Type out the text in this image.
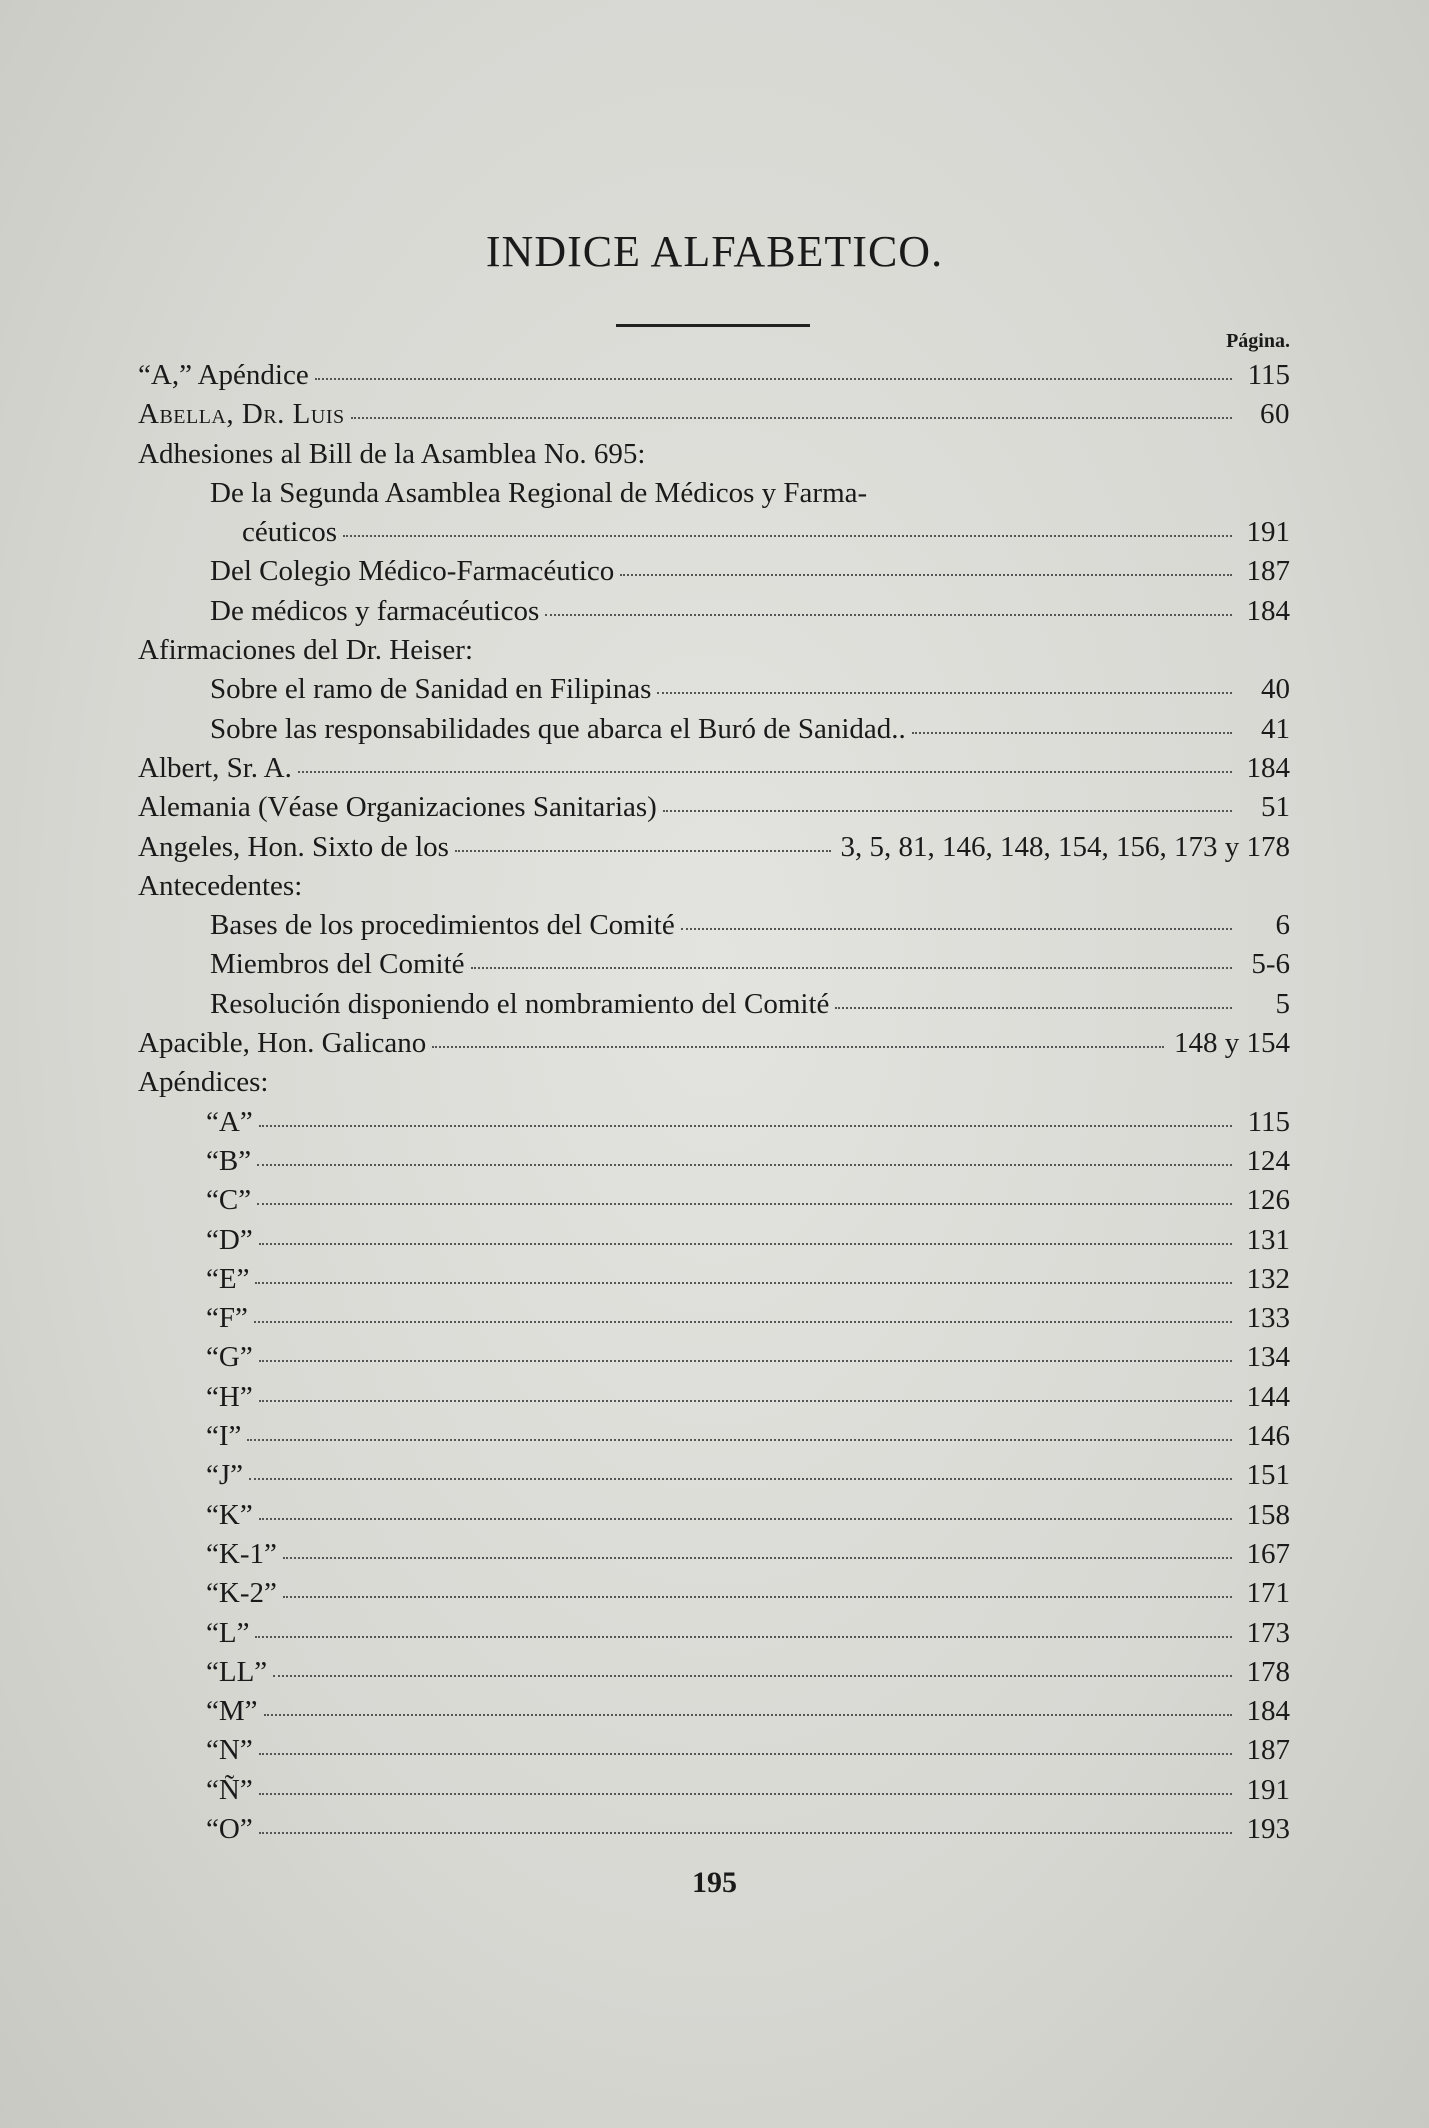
INDICE ALFABETICO.
Página.
“A,” Apéndice	115
Abella, Dr. Luis	60
Adhesiones al Bill de la Asamblea No. 695:
De la Segunda Asamblea Regional de Médicos y Farma-
céuticos	191
Del Colegio Médico-Farmacéutico	187
De médicos y farmacéuticos	184
Afirmaciones del Dr. Heiser:
Sobre el ramo de Sanidad en Filipinas	40
Sobre las responsabilidades que abarca el Buró de Sanidad..	41
Albert, Sr. A.	184
Alemania (Véase Organizaciones Sanitarias)	51
Angeles, Hon. Sixto de los	3, 5, 81, 146, 148, 154, 156, 173 y 178
Antecedentes:
Bases de los procedimientos del Comité	6
Miembros del Comité	5-6
Resolución disponiendo el nombramiento del Comité	5
Apacible, Hon. Galicano	148 y 154
Apéndices:
“A”	115
“B”	124
“C”	126
“D”	131
“E”	132
“F”	133
“G”	134
“H”	144
“I”	146
“J”	151
“K”	158
“K-1”	167
“K-2”	171
“L”	173
“LL”	178
“M”	184
“N”	187
“Ñ”	191
“O”	193
195
